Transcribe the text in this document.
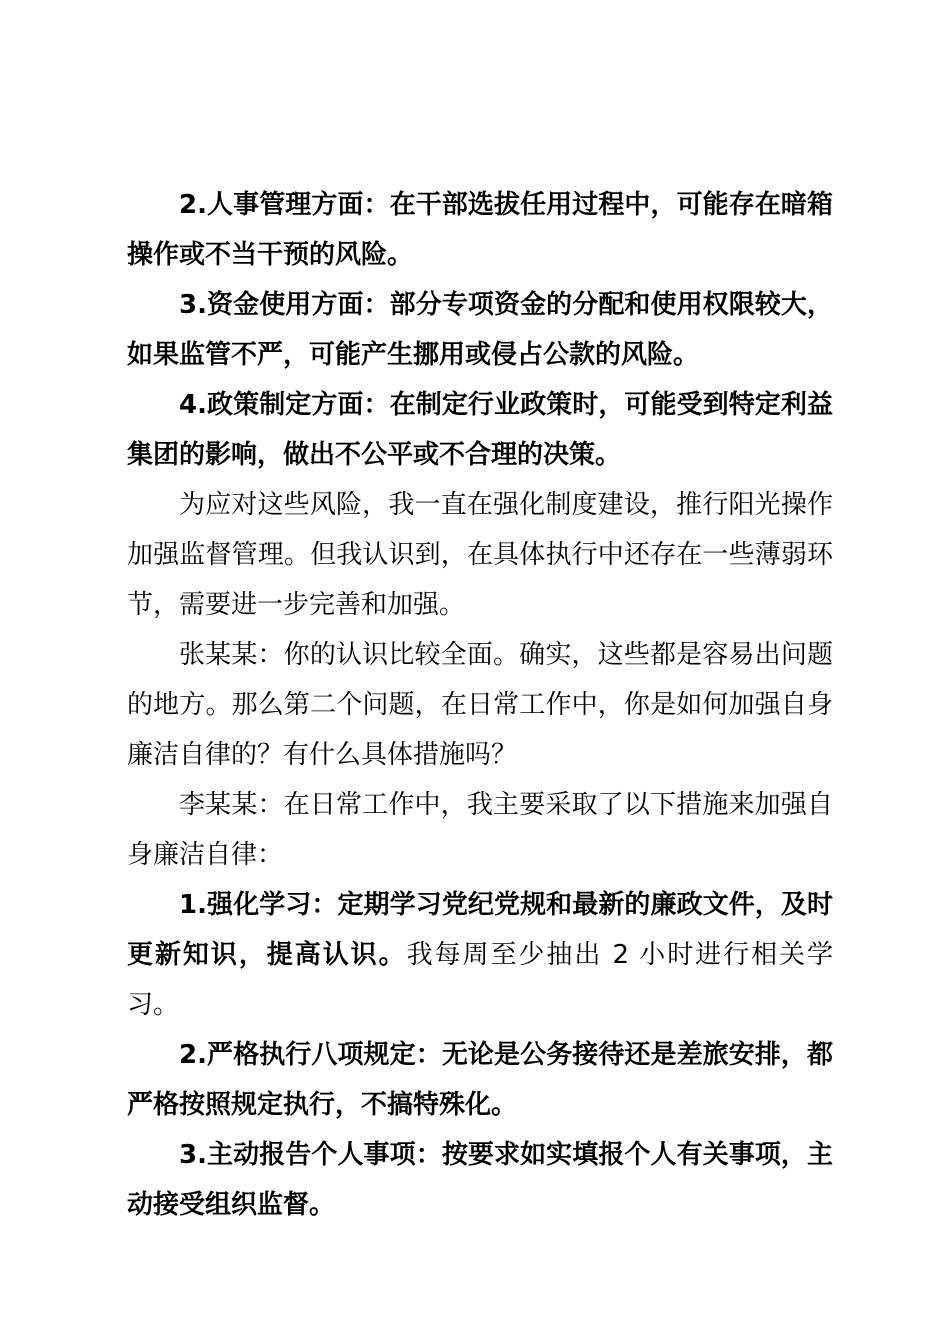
2.人事管理方面：在干部选拔任用过程中，可能存在暗箱操作或不当干预的风险。

3.资金使用方面：部分专项资金的分配和使用权限较大，如果监管不严，可能产生挪用或侵占公款的风险。

4.政策制定方面：在制定行业政策时，可能受到特定利益集团的影响，做出不公平或不合理的决策。

为应对这些风险，我一直在强化制度建设，推行阳光操作加强监督管理。但我认识到，在具体执行中还存在一些薄弱环节，需要进一步完善和加强。

张某某：你的认识比较全面。确实，这些都是容易出问题的地方。那么第二个问题，在日常工作中，你是如何加强自身廉洁自律的？有什么具体措施吗？

李某某：在日常工作中，我主要采取了以下措施来加强自身廉洁自律：

1.强化学习：定期学习党纪党规和最新的廉政文件，及时更新知识，提高认识。我每周至少抽出 2 小时进行相关学习。

2.严格执行八项规定：无论是公务接待还是差旅安排，都严格按照规定执行，不搞特殊化。

3.主动报告个人事项：按要求如实填报个人有关事项，主动接受组织监督。
